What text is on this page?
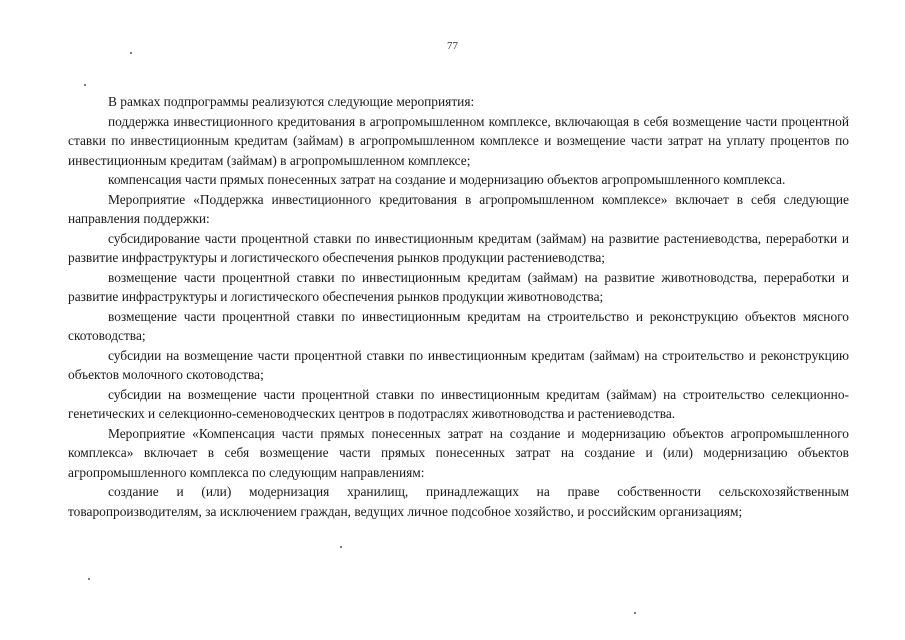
77

В рамках подпрограммы реализуются следующие мероприятия:

поддержка инвестиционного кредитования в агропромышленном комплексе, включающая в себя возмещение части процентной ставки по инвестиционным кредитам (займам) в агропромышленном комплексе и возмещение части затрат на уплату процентов по инвестиционным кредитам (займам) в агропромышленном комплексе;

компенсация части прямых понесенных затрат на создание и модернизацию объектов агропромышленного комплекса.

Мероприятие «Поддержка инвестиционного кредитования в агропромышленном комплексе» включает в себя следующие направления поддержки:

субсидирование части процентной ставки по инвестиционным кредитам (займам) на развитие растениеводства, переработки и развитие инфраструктуры и логистического обеспечения рынков продукции растениеводства;

возмещение части процентной ставки по инвестиционным кредитам (займам) на развитие животноводства, переработки и развитие инфраструктуры и логистического обеспечения рынков продукции животноводства;

возмещение части процентной ставки по инвестиционным кредитам на строительство и реконструкцию объектов мясного скотоводства;

субсидии на возмещение части процентной ставки по инвестиционным кредитам (займам) на строительство и реконструкцию объектов молочного скотоводства;

субсидии на возмещение части процентной ставки по инвестиционным кредитам (займам) на строительство селекционно-генетических и селекционно-семеноводческих центров в подотраслях животноводства и растениеводства.

Мероприятие «Компенсация части прямых понесенных затрат на создание и модернизацию объектов агропромышленного комплекса» включает в себя возмещение части прямых понесенных затрат на создание и (или) модернизацию объектов агропромышленного комплекса по следующим направлениям:

создание и (или) модернизация хранилищ, принадлежащих на праве собственности сельскохозяйственным товаропроизводителям, за исключением граждан, ведущих личное подсобное хозяйство, и российским организациям;
